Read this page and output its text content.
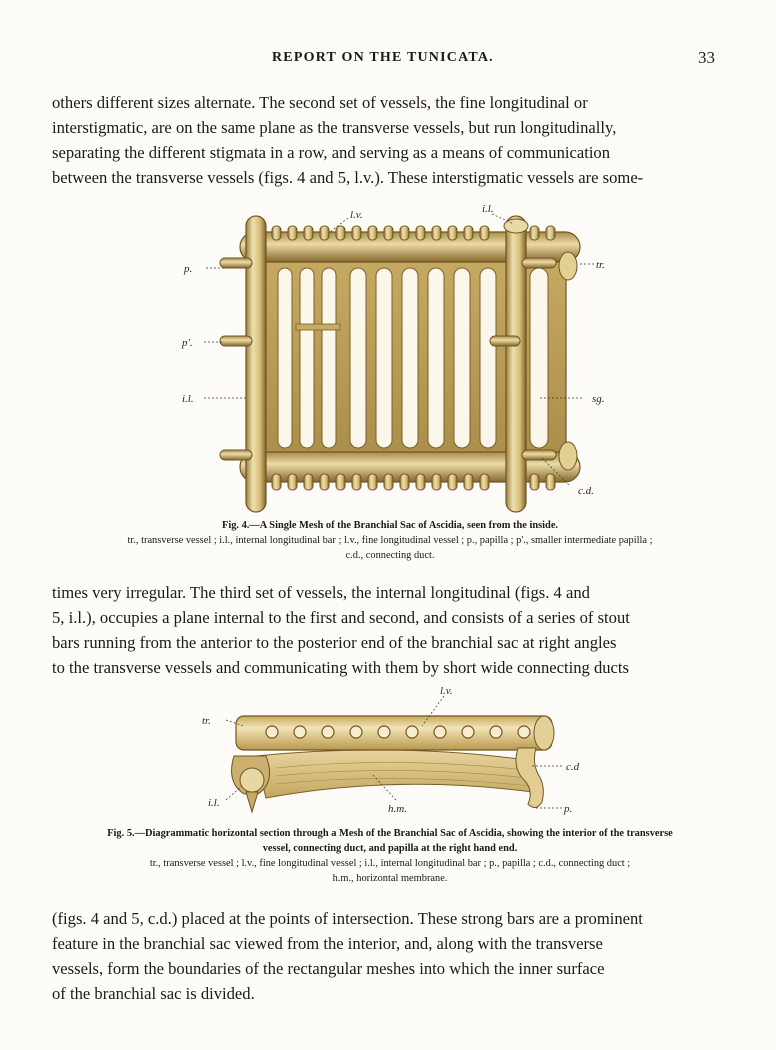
REPORT ON THE TUNICATA.	33
others different sizes alternate. The second set of vessels, the fine longitudinal or
interstigmatic, are on the same plane as the transverse vessels, but run longitudinally,
separating the different stigmata in a row, and serving as a means of communication
between the transverse vessels (figs. 4 and 5, l.v.). These interstigmatic vessels are some-
l.v.	i.l.
p.	tr.
p'.
i.l.	sg.
c.d.
Fig. 4.—A Single Mesh of the Branchial Sac of Ascidia, seen from the inside.
tr., transverse vessel ; i.l., internal longitudinal bar ; l.v., fine longitudinal vessel ; p., papilla ; p'., smaller intermediate papilla ;
c.d., connecting duct.
times very irregular. The third set of vessels, the internal longitudinal (figs. 4 and
5, i.l.), occupies a plane internal to the first and second, and consists of a series of stout
bars running from the anterior to the posterior end of the branchial sac at right angles
to the transverse vessels and communicating with them by short wide connecting ducts
l.v.
tr.
c.d
i.l.	h.m.	p.
Fig. 5.—Diagrammatic horizontal section through a Mesh of the Branchial Sac of Ascidia, showing the interior of the transverse
vessel, connecting duct, and papilla at the right hand end.
tr., transverse vessel ; l.v., fine longitudinal vessel ; i.l., internal longitudinal bar ; p., papilla ; c.d., connecting duct ;
h.m., horizontal membrane.
(figs. 4 and 5, c.d.) placed at the points of intersection. These strong bars are a prominent
feature in the branchial sac viewed from the interior, and, along with the transverse
vessels, form the boundaries of the rectangular meshes into which the inner surface
of the branchial sac is divided.
